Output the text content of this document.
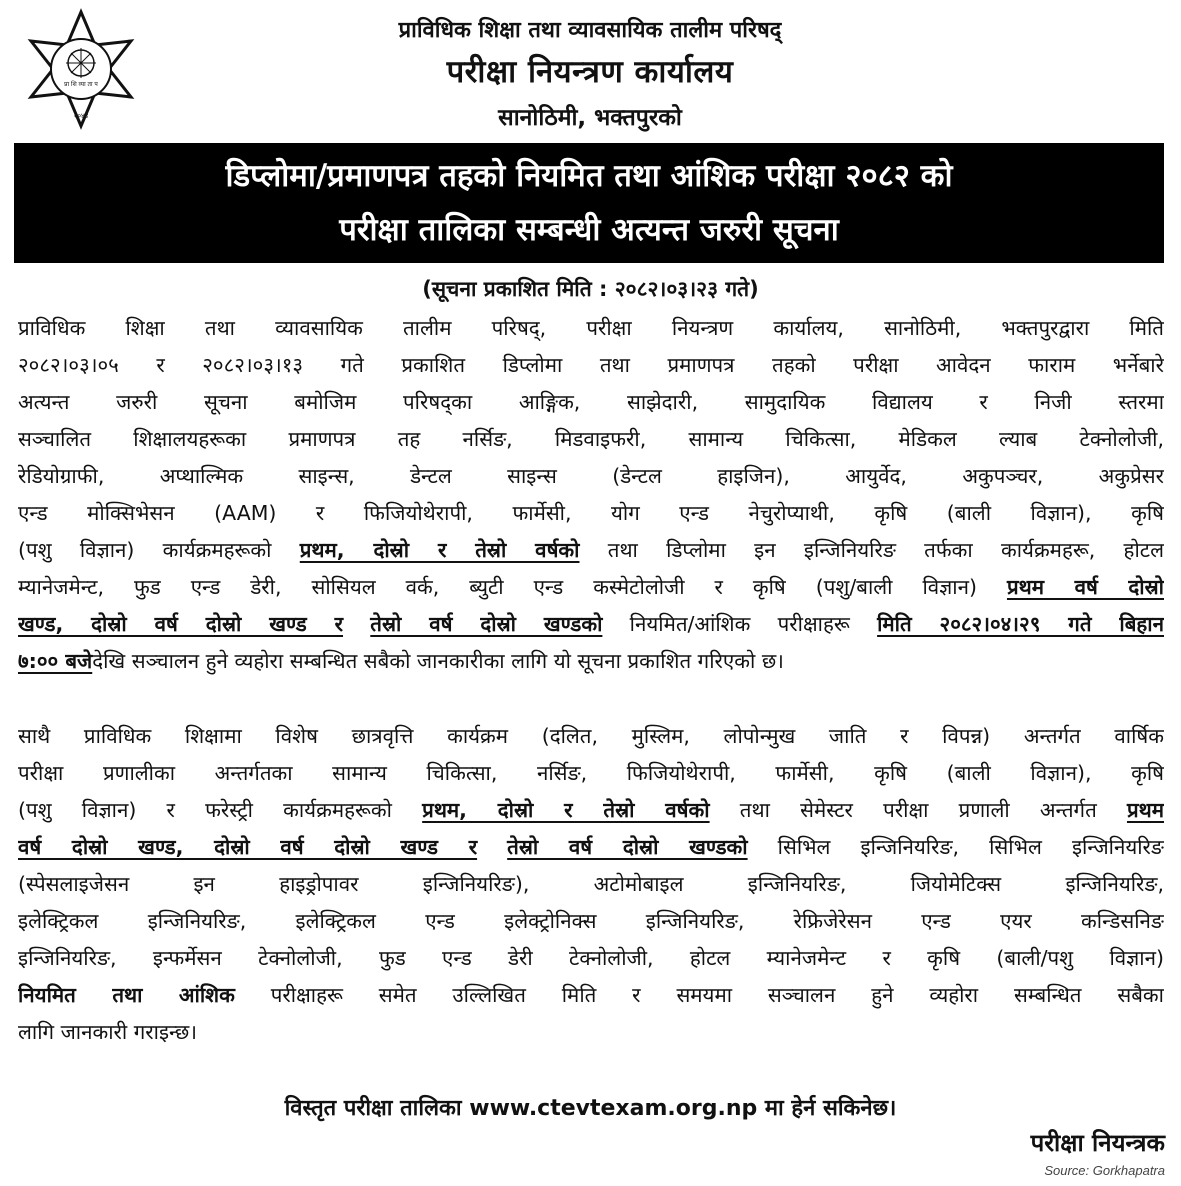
प्रा शि व्या ता प
२०४४
प्राविधिक शिक्षा तथा व्यावसायिक तालीम परिषद्
परीक्षा नियन्त्रण कार्यालय
सानोठिमी, भक्तपुरको
डिप्लोमा/प्रमाणपत्र तहको नियमित तथा आंशिक परीक्षा २०८२ को
परीक्षा तालिका सम्बन्धी अत्यन्त जरुरी सूचना
(सूचना प्रकाशित मिति : २०८२।०३।२३ गते)
प्राविधिक शिक्षा तथा व्यावसायिक तालीम परिषद्, परीक्षा नियन्त्रण कार्यालय, सानोठिमी, भक्तपुरद्वारा मिति
२०८२।०३।०५ र २०८२।०३।१३ गते प्रकाशित डिप्लोमा तथा प्रमाणपत्र तहको परीक्षा आवेदन फाराम भर्नेबारे
अत्यन्त जरुरी सूचना बमोजिम परिषद्का आङ्गिक, साझेदारी, सामुदायिक विद्यालय र निजी स्तरमा
सञ्चालित शिक्षालयहरूका प्रमाणपत्र तह नर्सिङ, मिडवाइफरी, सामान्य चिकित्सा, मेडिकल ल्याब टेक्नोलोजी,
रेडियोग्राफी, अप्थाल्मिक साइन्स, डेन्टल साइन्स (डेन्टल हाइजिन), आयुर्वेद, अकुपञ्चर, अकुप्रेसर
एन्ड मोक्सिभेसन (AAM) र फिजियोथेरापी, फार्मेसी, योग एन्ड नेचुरोप्याथी, कृषि (बाली विज्ञान), कृषि
(पशु विज्ञान) कार्यक्रमहरूको प्रथम, दोस्रो र तेस्रो वर्षको तथा डिप्लोमा इन इन्जिनियरिङ तर्फका कार्यक्रमहरू, होटल
म्यानेजमेन्ट, फुड एन्ड डेरी, सोसियल वर्क, ब्युटी एन्ड कस्मेटोलोजी र कृषि (पशु/बाली विज्ञान) प्रथम वर्ष दोस्रो
खण्ड, दोस्रो वर्ष दोस्रो खण्ड र तेस्रो वर्ष दोस्रो खण्डको नियमित/आंशिक परीक्षाहरू मिति २०८२।०४।२९ गते बिहान
७:०० बजेदेखि सञ्चालन हुने व्यहोरा सम्बन्धित सबैको जानकारीका लागि यो सूचना प्रकाशित गरिएको छ।
साथै प्राविधिक शिक्षामा विशेष छात्रवृत्ति कार्यक्रम (दलित, मुस्लिम, लोपोन्मुख जाति र विपन्न) अन्तर्गत वार्षिक
परीक्षा प्रणालीका अन्तर्गतका सामान्य चिकित्सा, नर्सिङ, फिजियोथेरापी, फार्मेसी, कृषि (बाली विज्ञान), कृषि
(पशु विज्ञान) र फरेस्ट्री कार्यक्रमहरूको प्रथम, दोस्रो र तेस्रो वर्षको तथा सेमेस्टर परीक्षा प्रणाली अन्तर्गत प्रथम
वर्ष दोस्रो खण्ड, दोस्रो वर्ष दोस्रो खण्ड र तेस्रो वर्ष दोस्रो खण्डको सिभिल इन्जिनियरिङ, सिभिल इन्जिनियरिङ
(स्पेसलाइजेसन इन हाइड्रोपावर इन्जिनियरिङ), अटोमोबाइल इन्जिनियरिङ, जियोमेटिक्स इन्जिनियरिङ,
इलेक्ट्रिकल इन्जिनियरिङ, इलेक्ट्रिकल एन्ड इलेक्ट्रोनिक्स इन्जिनियरिङ, रेफ्रिजेरेसन एन्ड एयर कन्डिसनिङ
इन्जिनियरिङ, इन्फर्मेसन टेक्नोलोजी, फुड एन्ड डेरी टेक्नोलोजी, होटल म्यानेजमेन्ट र कृषि (बाली/पशु विज्ञान)
नियमित तथा आंशिक परीक्षाहरू समेत उल्लिखित मिति र समयमा सञ्चालन हुने व्यहोरा सम्बन्धित सबैका
लागि जानकारी गराइन्छ।
विस्तृत परीक्षा तालिका www.ctevtexam.org.np मा हेर्न सकिनेछ।
परीक्षा नियन्त्रक
Source: Gorkhapatra
